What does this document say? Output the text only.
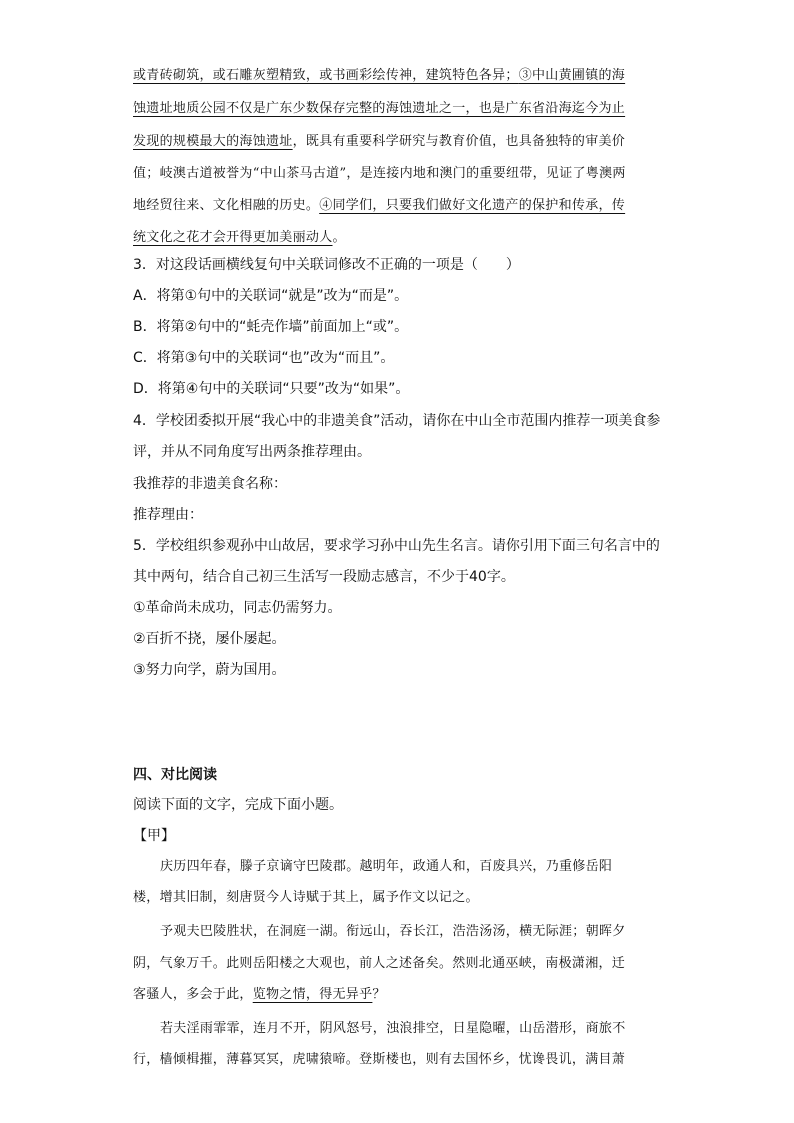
或青砖砌筑，或石雕灰塑精致，或书画彩绘传神，建筑特色各异；③中山黄圃镇的海
蚀遗址地质公园不仅是广东少数保存完整的海蚀遗址之一，也是广东省沿海迄今为止
发现的规模最大的海蚀遗址，既具有重要科学研究与教育价值，也具备独特的审美价
值；岐澳古道被誉为“中山茶马古道”，是连接内地和澳门的重要纽带，见证了粤澳两
地经贸往来、文化相融的历史。④同学们，只要我们做好文化遗产的保护和传承，传
统文化之花才会开得更加美丽动人。
3．对这段话画横线复句中关联词修改不正确的一项是（　　）
A．将第①句中的关联词“就是”改为“而是”。
B．将第②句中的“蚝壳作墙”前面加上“或”。
C．将第③句中的关联词“也”改为“而且”。
D．将第④句中的关联词“只要”改为“如果”。
4．学校团委拟开展“我心中的非遗美食”活动，请你在中山全市范围内推荐一项美食参
评，并从不同角度写出两条推荐理由。
我推荐的非遗美食名称：
推荐理由：
5．学校组织参观孙中山故居，要求学习孙中山先生名言。请你引用下面三句名言中的
其中两句，结合自己初三生活写一段励志感言，不少于40字。
①革命尚未成功，同志仍需努力。
②百折不挠，屡仆屡起。
③努力向学，蔚为国用。
四、对比阅读
阅读下面的文字，完成下面小题。
【甲】
庆历四年春，滕子京谪守巴陵郡。越明年，政通人和，百废具兴，乃重修岳阳
楼，增其旧制，刻唐贤今人诗赋于其上，属予作文以记之。
予观夫巴陵胜状，在洞庭一湖。衔远山，吞长江，浩浩汤汤，横无际涯；朝晖夕
阴，气象万千。此则岳阳楼之大观也，前人之述备矣。然则北通巫峡，南极潇湘，迁
客骚人，多会于此，览物之情，得无异乎？
若夫淫雨霏霏，连月不开，阴风怒号，浊浪排空，日星隐曜，山岳潜形，商旅不
行，樯倾楫摧，薄暮冥冥，虎啸猿啼。登斯楼也，则有去国怀乡，忧谗畏讥，满目萧
